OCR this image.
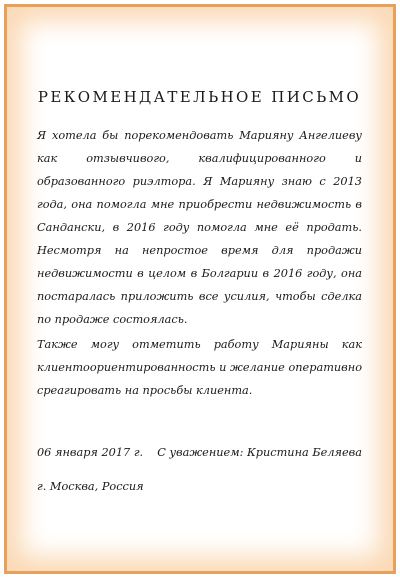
РЕКОМЕНДАТЕЛЬНОЕ ПИСЬМО

Я хотела бы порекомендовать Марияну Ангелиеву как отзывчивого, квалифицированного и образованного риэлтора. Я Марияну знаю с 2013 года, она помогла мне приобрести недвижимость в Сандански, в 2016 году помогла мне её продать. Несмотря на непростое время для продажи недвижимости в целом в Болгарии в 2016 году, она постаралась приложить все усилия, чтобы сделка по продаже состоялась.

Также могу отметить работу Марияны как клиентоориентированность и желание оперативно среагировать на просьбы клиента.

06 января 2017 г. С уважением: Кристина Беляева
г. Москва, Россия
